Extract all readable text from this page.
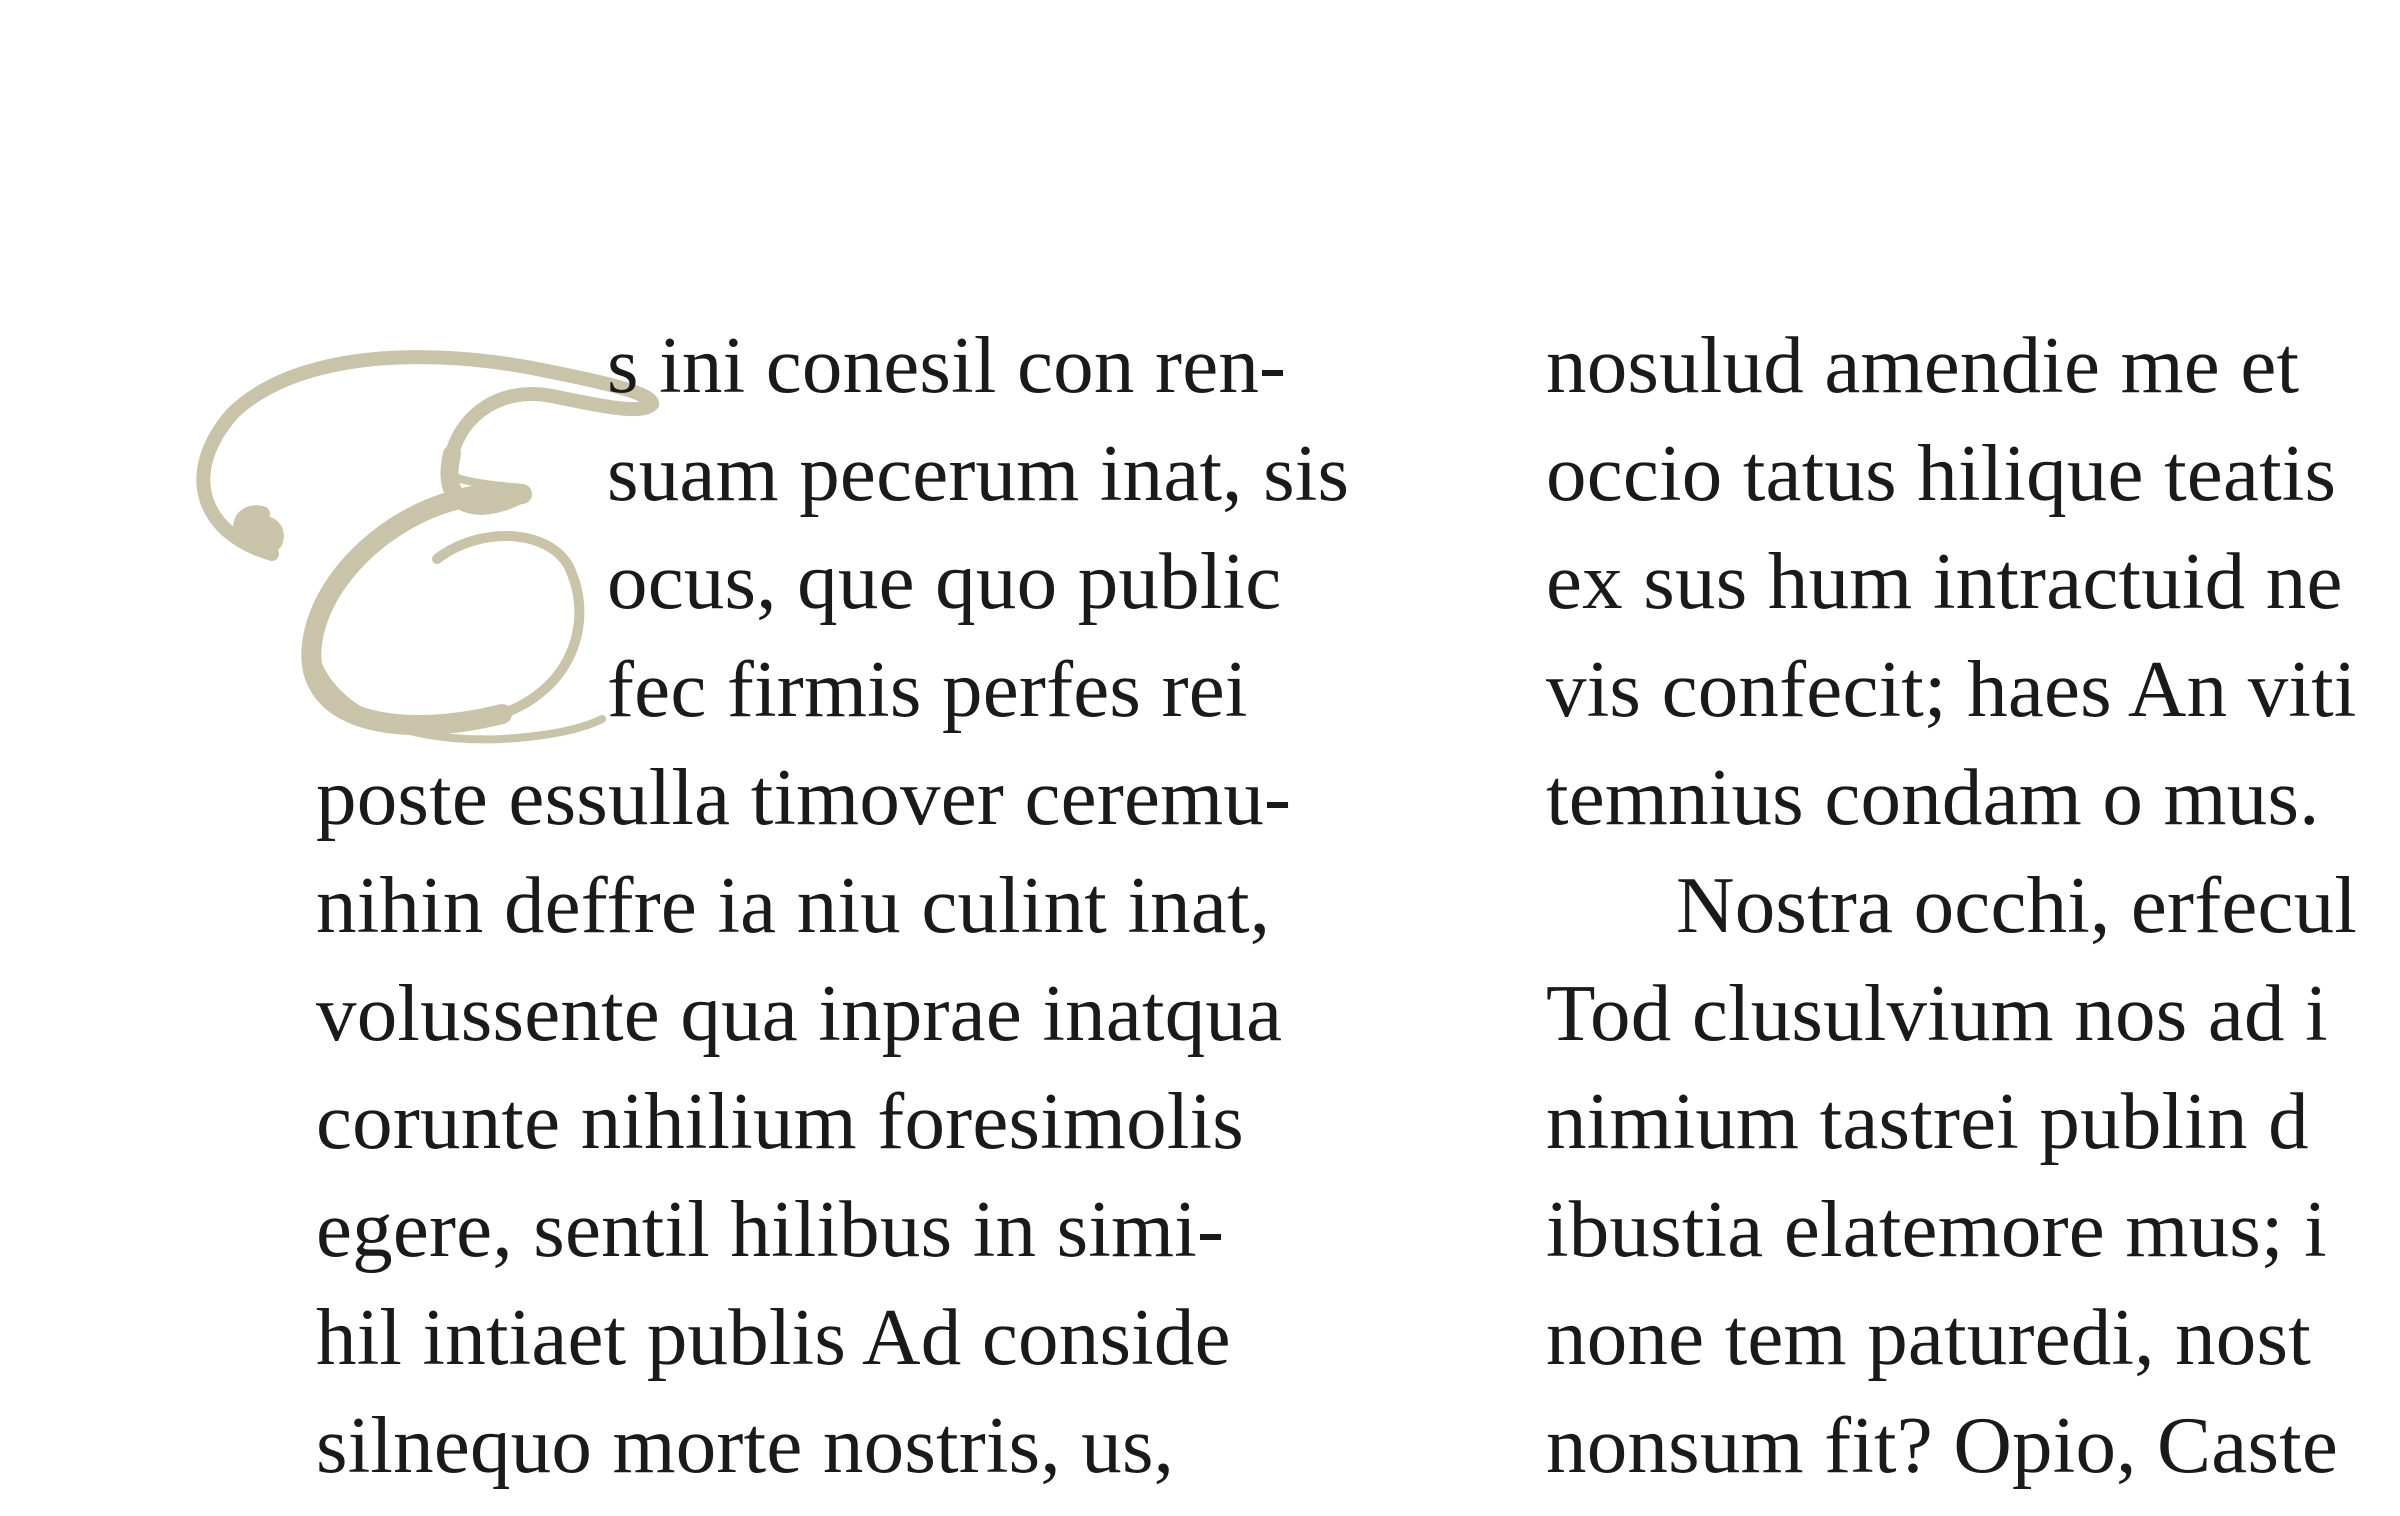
s ini conesil con ren-
suam pecerum inat, sis
ocus, que quo public
fec firmis perfes rei
poste essulla timover ceremu-
nihin deffre ia niu culint inat,
volussente qua inprae inatqua
corunte nihilium foresimolis
egere, sentil hilibus in simi-
hil intiaet publis Ad conside
silnequo morte nostris, us,
nosulud amendie me et
occio tatus hilique teatis
ex sus hum intractuid ne
vis confecit; haes An viti
temnius condam o mus.
Nostra occhi, erfecul
Tod clusulvium nos ad i
nimium tastrei publin d
ibustia elatemore mus; i
none tem paturedi, nost
nonsum fit? Opio, Caste
